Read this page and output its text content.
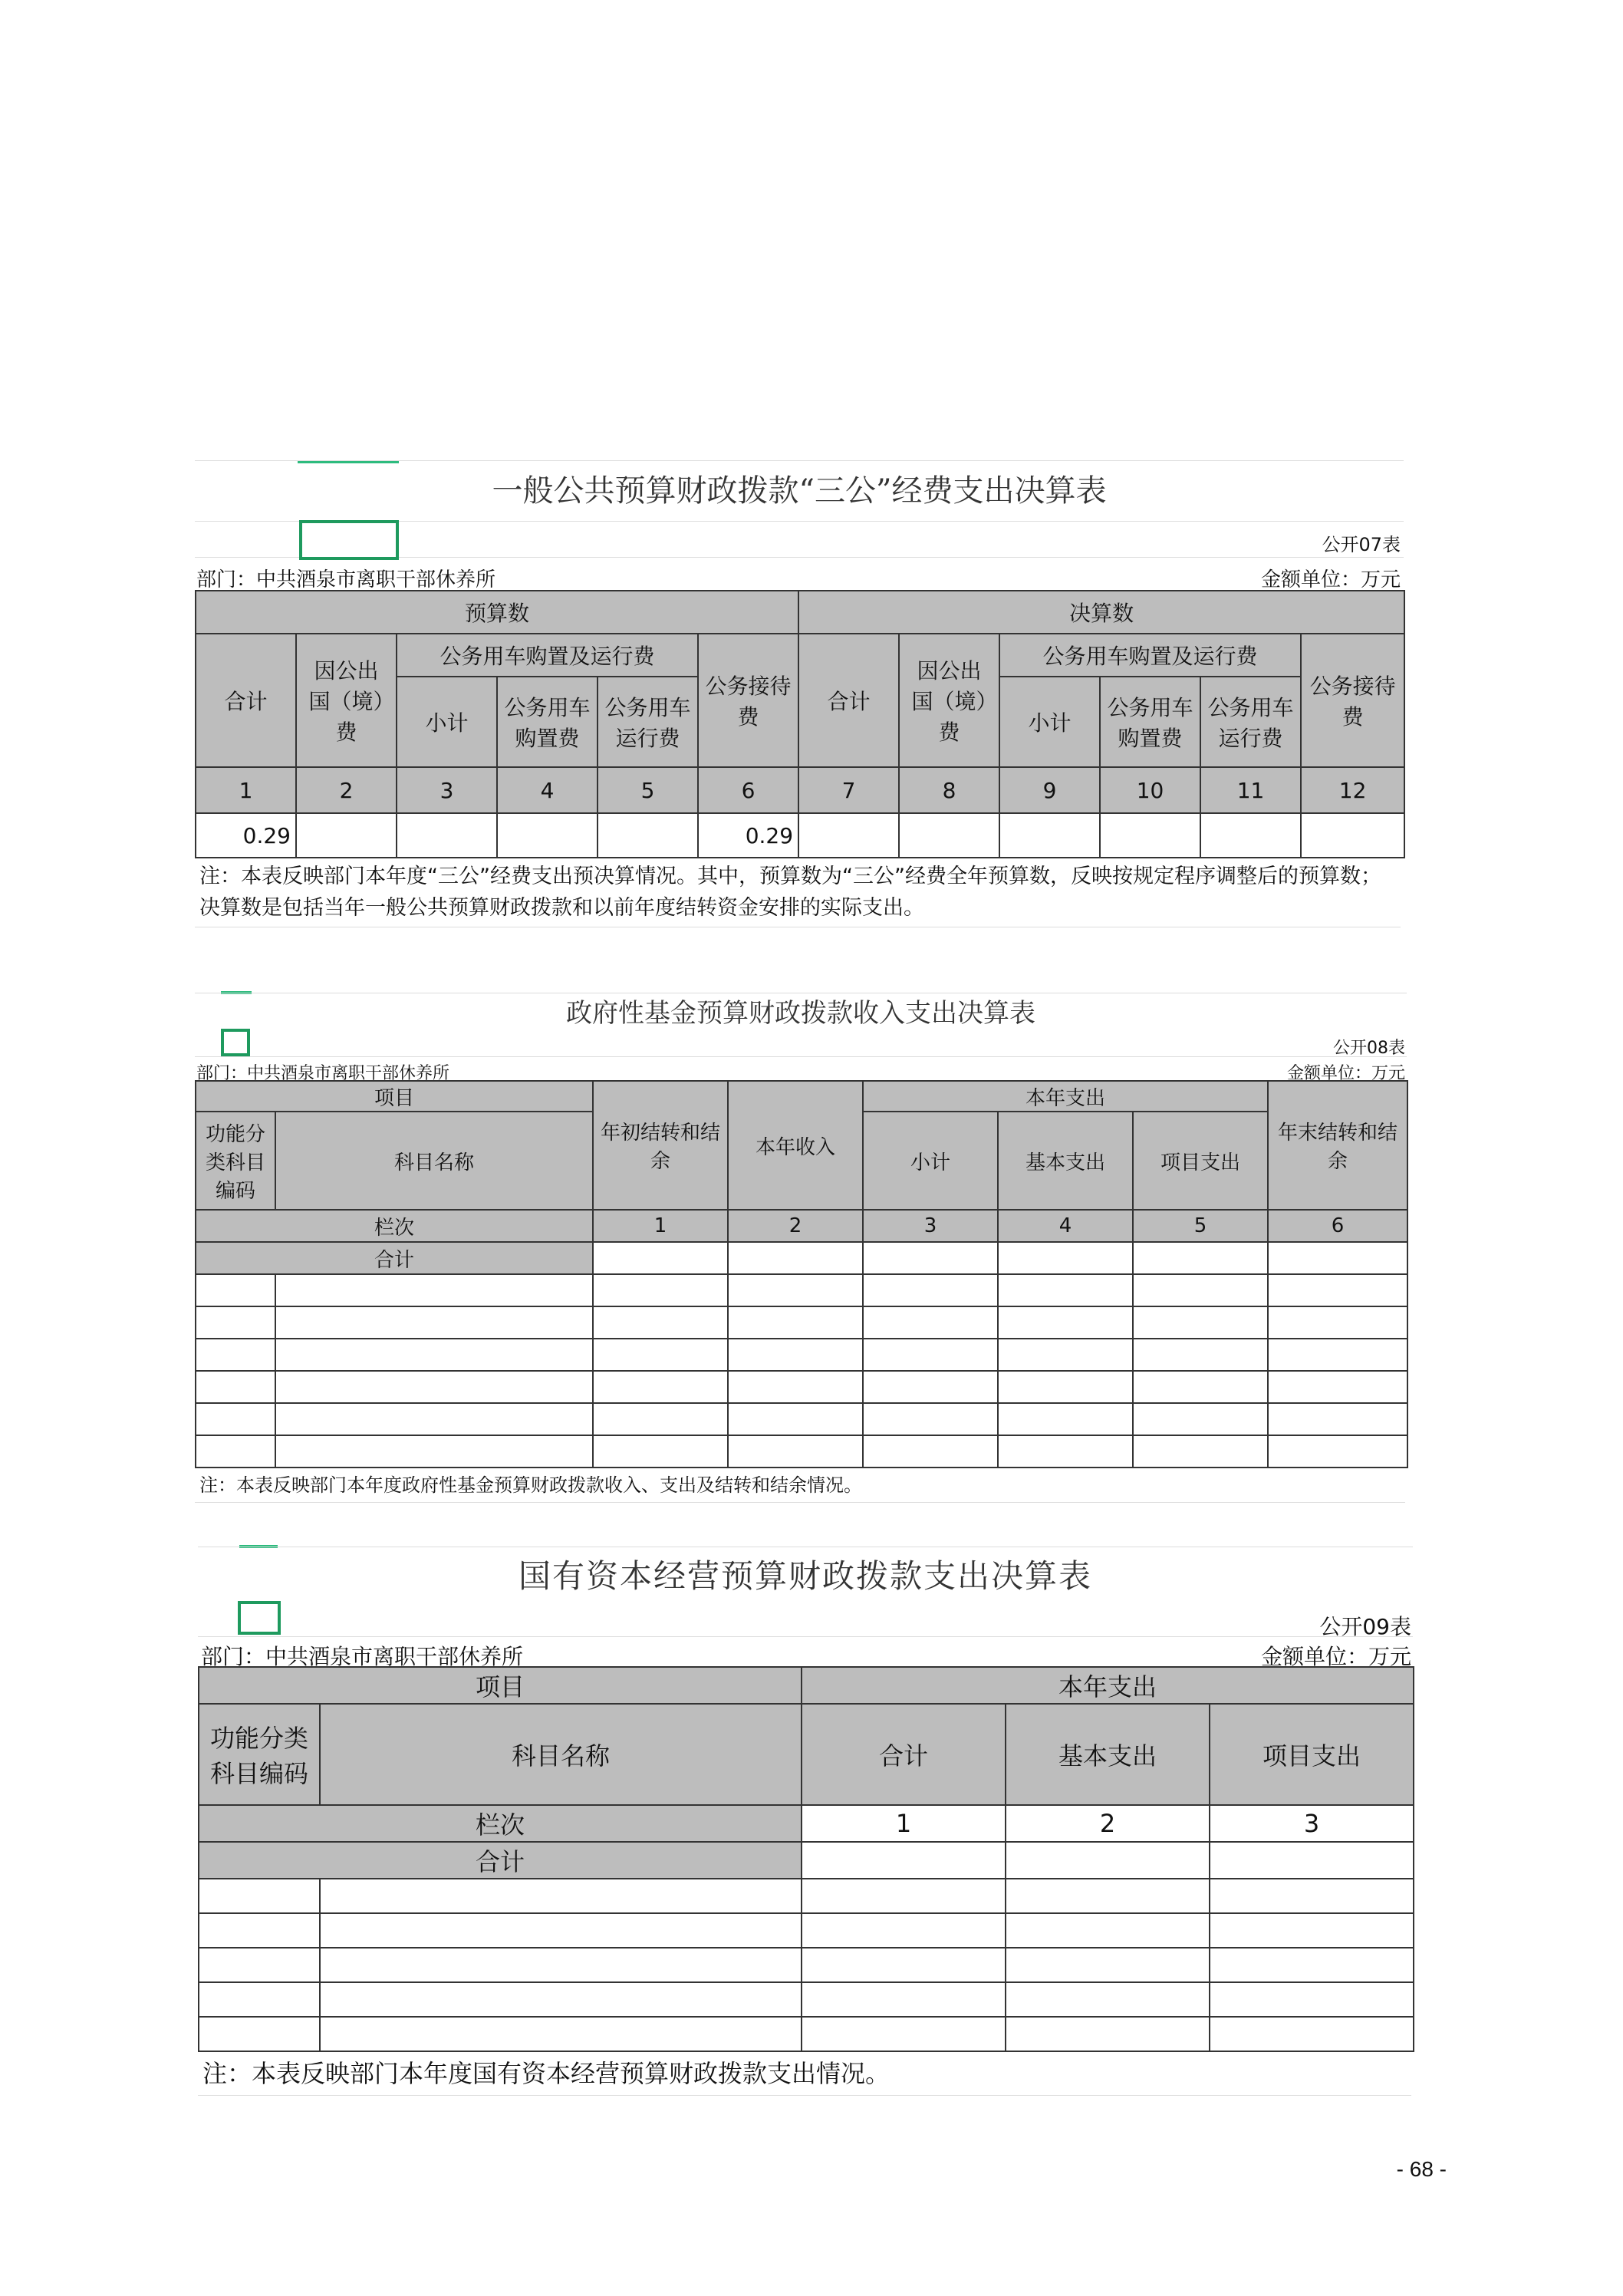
一般公共预算财政拨款“三公”经费支出决算表
公开07表
部门：中共酒泉市离职干部休养所	金额单位：万元
预算数						决算数					
合计	因公出国（境）费	公务用车购置及运行费			公务接待费	合计	因公出国（境）费	公务用车购置及运行费			公务接待费
		小计	公务用车购置费	公务用车运行费				小计	公务用车购置费	公务用车运行费	
1	2	3	4	5	6	7	8	9	10	11	12
0.29					0.29						
注：本表反映部门本年度“三公”经费支出预决算情况。其中，预算数为“三公”经费全年预算数，反映按规定程序调整后的预算数；决算数是包括当年一般公共预算财政拨款和以前年度结转资金安排的实际支出。
政府性基金预算财政拨款收入支出决算表
公开08表
部门：中共酒泉市离职干部休养所	金额单位：万元
项目		年初结转和结余	本年收入	本年支出			年末结转和结余
功能分类科目编码	科目名称			小计	基本支出	项目支出	
栏次		1	2	3	4	5	6
合计							

注：本表反映部门本年度政府性基金预算财政拨款收入、支出及结转和结余情况。
国有资本经营预算财政拨款支出决算表
公开09表
部门：中共酒泉市离职干部休养所	金额单位：万元
项目		本年支出		
功能分类科目编码	科目名称	合计	基本支出	项目支出
栏次		1	2	3
合计				

注：本表反映部门本年度国有资本经营预算财政拨款支出情况。
- 68 -
